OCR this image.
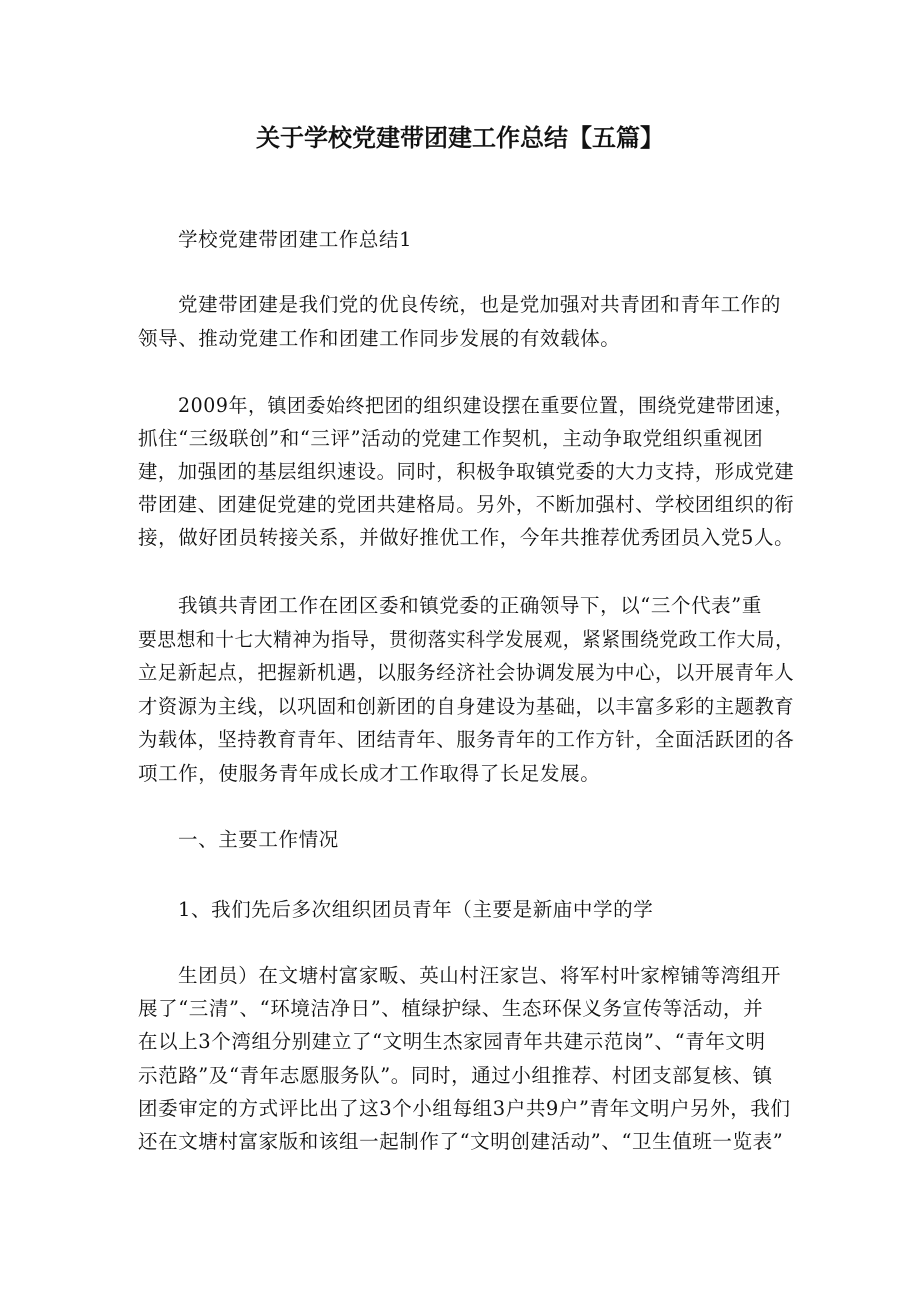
关于学校党建带团建工作总结【五篇】
学校党建带团建工作总结1
党建带团建是我们党的优良传统，也是党加强对共青团和青年工作的
领导、推动党建工作和团建工作同步发展的有效载体。
2009年，镇团委始终把团的组织建设摆在重要位置，围绕党建带团速，
抓住“三级联创”和“三评”活动的党建工作契机，主动争取党组织重视团
建，加强团的基层组织速设。同时，积极争取镇党委的大力支持，形成党建
带团建、团建促党建的党团共建格局。另外，不断加强村、学校团组织的衔
接，做好团员转接关系，并做好推优工作，今年共推荐优秀团员入党5人。
我镇共青团工作在团区委和镇党委的正确领导下，以“三个代表”重
要思想和十七大精神为指导，贯彻落实科学发展观，紧紧围绕党政工作大局，
立足新起点，把握新机遇，以服务经济社会协调发展为中心，以开展青年人
才资源为主线，以巩固和创新团的自身建设为基础，以丰富多彩的主题教育
为载体，坚持教育青年、团结青年、服务青年的工作方针，全面活跃团的各
项工作，使服务青年成长成才工作取得了长足发展。
一、主要工作情况
1、我们先后多次组织团员青年（主要是新庙中学的学
生团员）在文塘村富家畈、英山村汪家岂、将军村叶家榨铺等湾组开
展了“三清”、“环境洁净日”、植绿护绿、生态环保义务宣传等活动，并
在以上3个湾组分别建立了“文明生杰家园青年共建示范岗”、“青年文明
示范路”及“青年志愿服务队”。同时，通过小组推荐、村团支部复核、镇
团委审定的方式评比出了这3个小组每组3户共9户”青年文明户另外，我们
还在文塘村富家版和该组一起制作了“文明创建活动”、“卫生值班一览表”
